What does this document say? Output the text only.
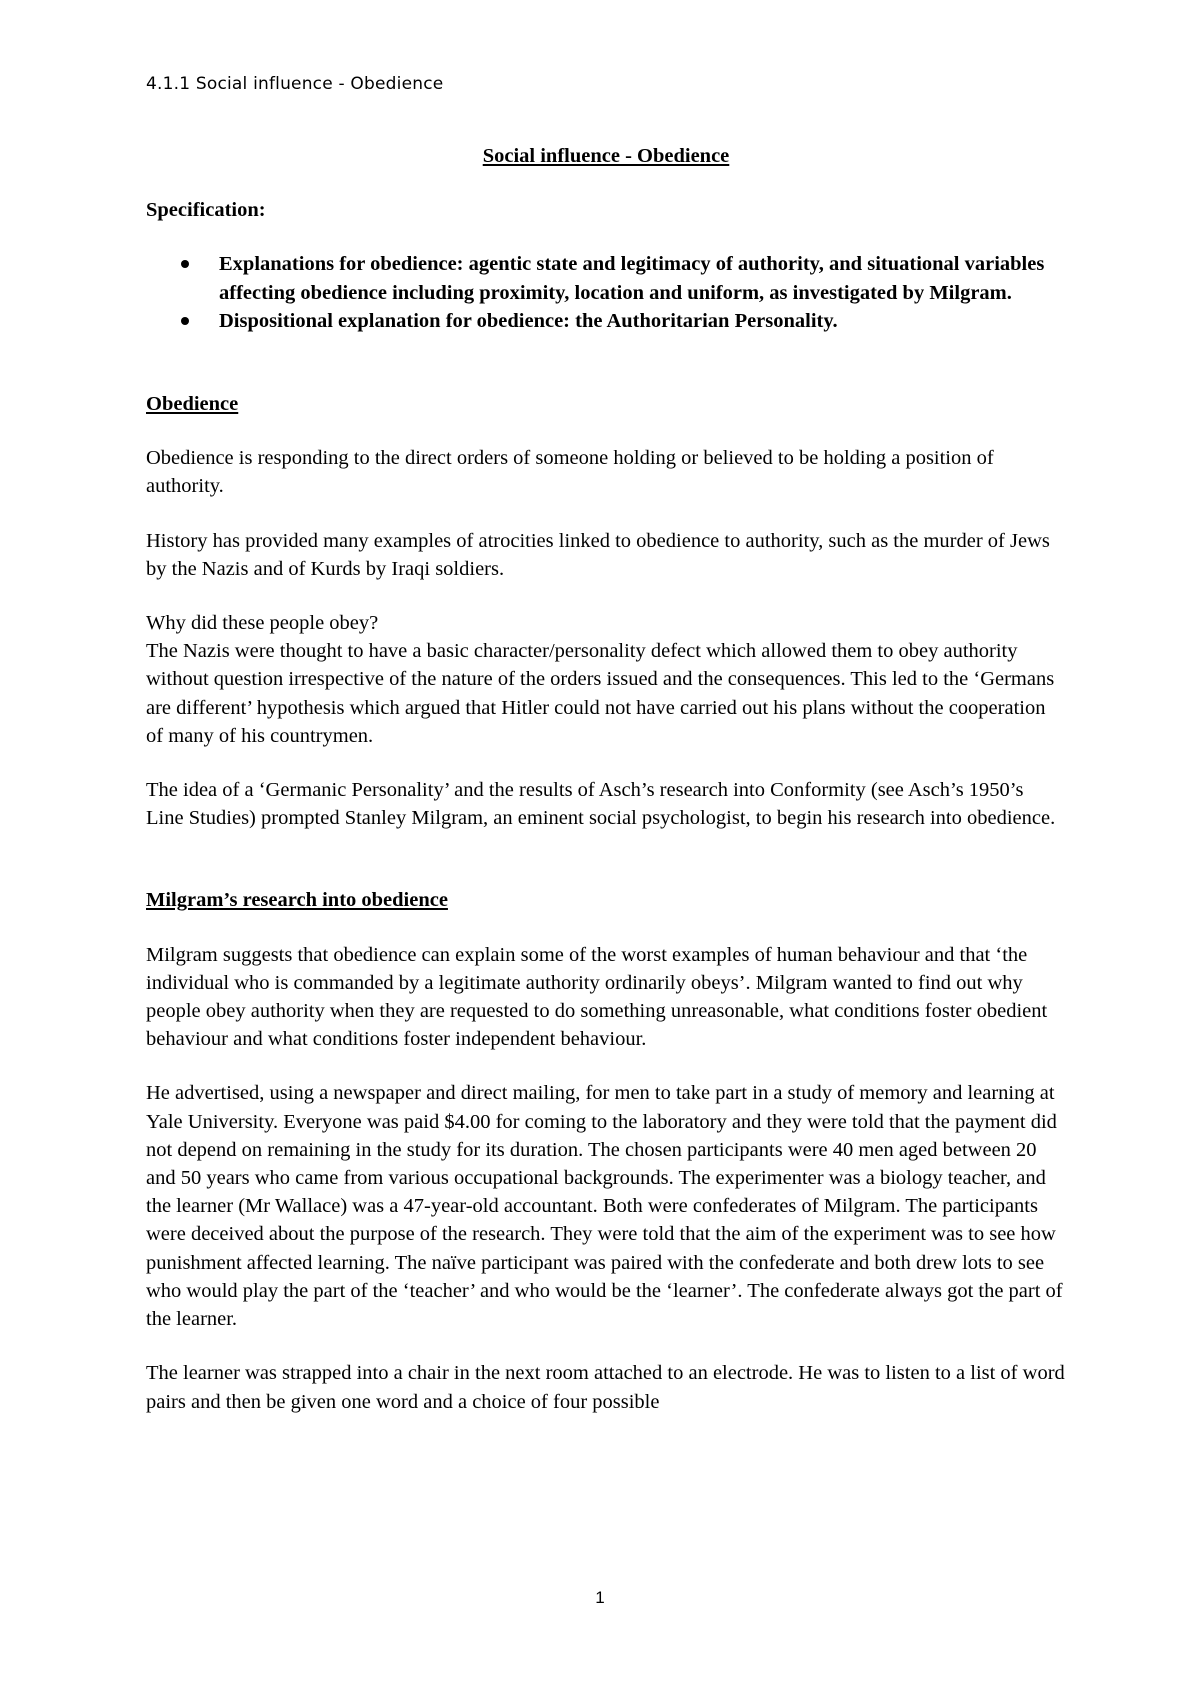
4.1.1 Social influence - Obedience
Social influence - Obedience
Specification:
Explanations for obedience: agentic state and legitimacy of authority, and situational variables affecting obedience including proximity, location and uniform, as investigated by Milgram.
Dispositional explanation for obedience: the Authoritarian Personality.
Obedience

Obedience is responding to the direct orders of someone holding or believed to be holding a position of authority.

History has provided many examples of atrocities linked to obedience to authority, such as the murder of Jews by the Nazis and of Kurds by Iraqi soldiers.

Why did these people obey?

The Nazis were thought to have a basic character/personality defect which allowed them to obey authority without question irrespective of the nature of the orders issued and the consequences. This led to the ‘Germans are different’ hypothesis which argued that Hitler could not have carried out his plans without the cooperation of many of his countrymen.

The idea of a ‘Germanic Personality’ and the results of Asch’s research into Conformity (see Asch’s 1950’s Line Studies) prompted Stanley Milgram, an eminent social psychologist, to begin his research into obedience.

Milgram’s research into obedience

Milgram suggests that obedience can explain some of the worst examples of human behaviour and that ‘the individual who is commanded by a legitimate authority ordinarily obeys’. Milgram wanted to find out why people obey authority when they are requested to do something unreasonable, what conditions foster obedient behaviour and what conditions foster independent behaviour.

He advertised, using a newspaper and direct mailing, for men to take part in a study of memory and learning at Yale University. Everyone was paid $4.00 for coming to the laboratory and they were told that the payment did not depend on remaining in the study for its duration. The chosen participants were 40 men aged between 20 and 50 years who came from various occupational backgrounds. The experimenter was a biology teacher, and the learner (Mr Wallace) was a 47-year-old accountant. Both were confederates of Milgram. The participants were deceived about the purpose of the research. They were told that the aim of the experiment was to see how punishment affected learning. The naïve participant was paired with the confederate and both drew lots to see who would play the part of the ‘teacher’ and who would be the ‘learner’. The confederate always got the part of the learner.

The learner was strapped into a chair in the next room attached to an electrode. He was to listen to a list of word pairs and then be given one word and a choice of four possible

1
